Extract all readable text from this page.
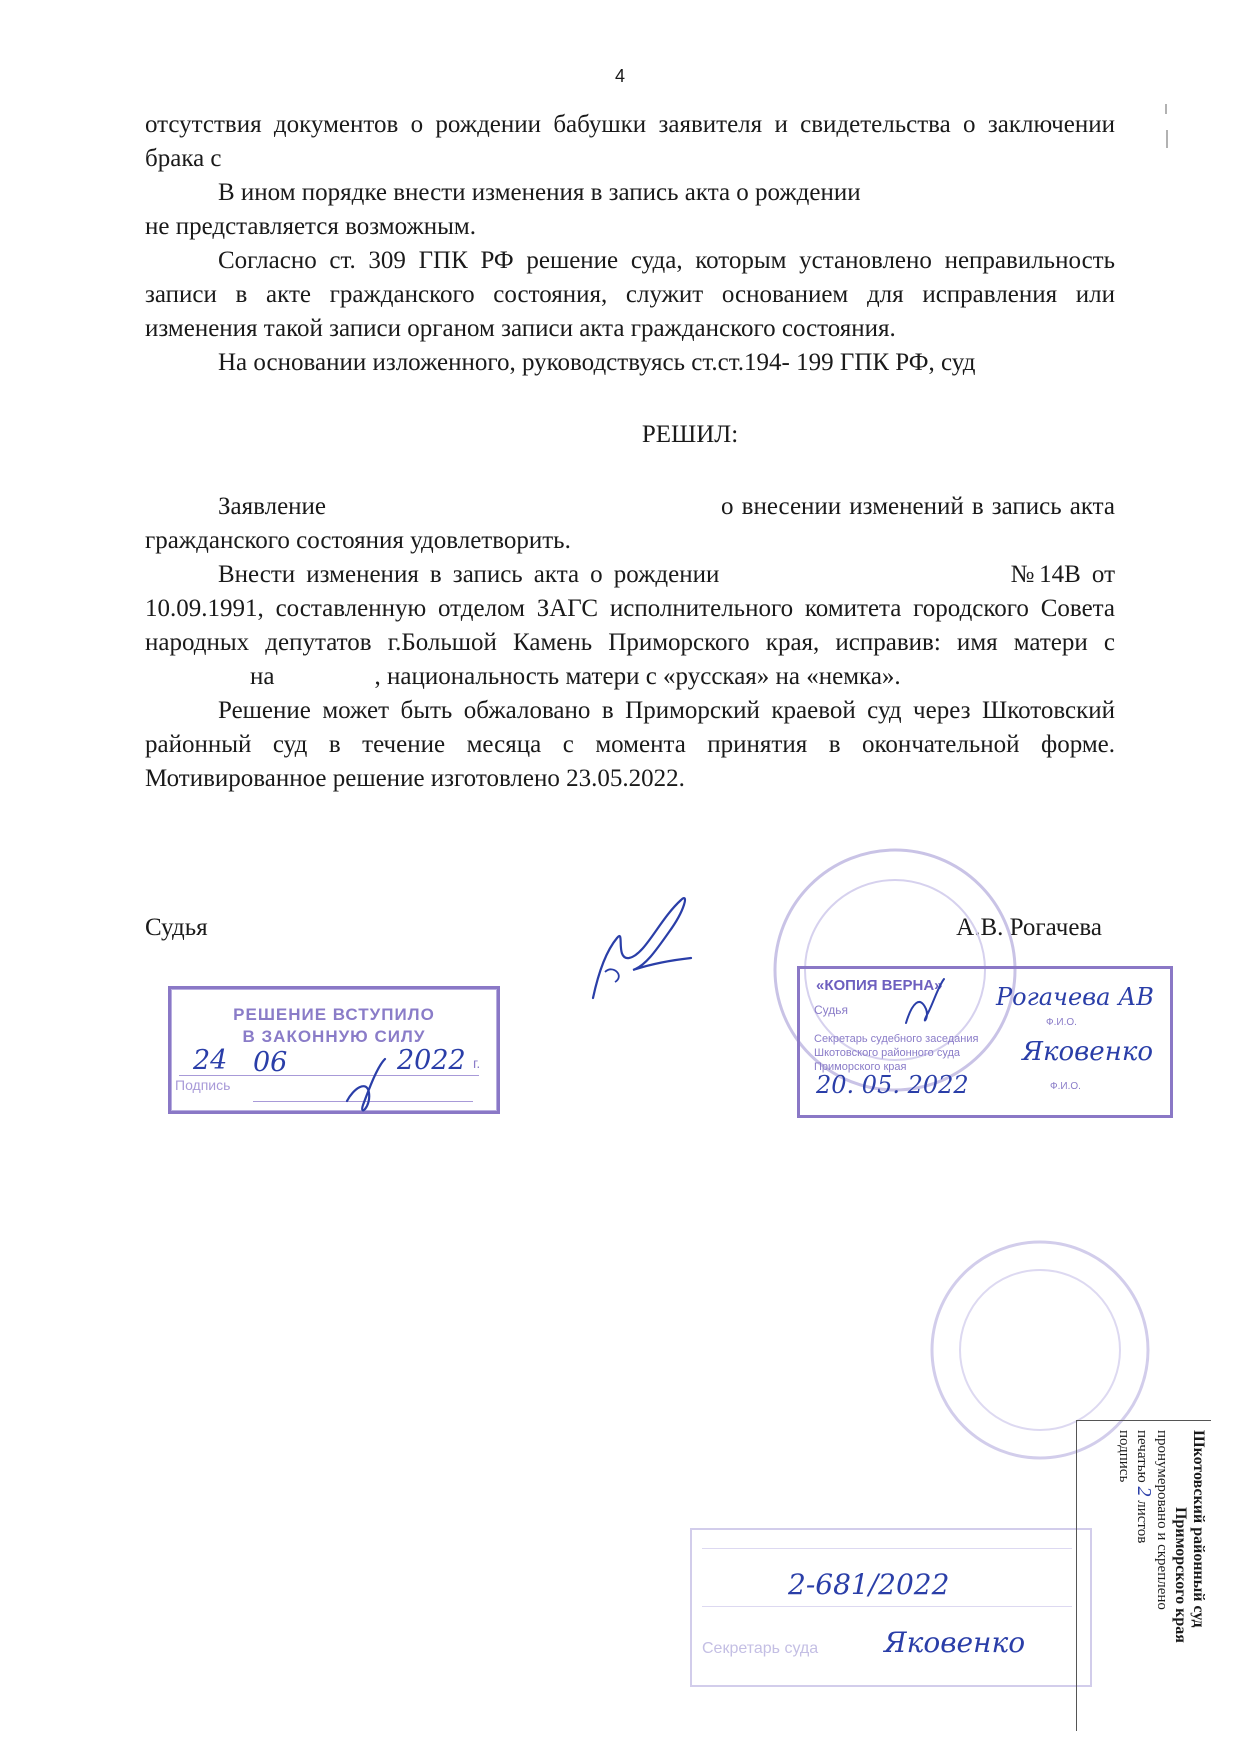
4

отсутствия документов о рождении бабушки заявителя и свидетельства о заключении брака с

В ином порядке внести изменения в запись акта о рождении
не представляется возможным.

Согласно ст. 309 ГПК РФ решение суда, которым установлено неправильность записи в акте гражданского состояния, служит основанием для исправления или изменения такой записи органом записи акта гражданского состояния.

На основании изложенного, руководствуясь ст.ст.194- 199 ГПК РФ, суд

РЕШИЛ:

Заявление	о внесении изменений в запись акта гражданского состояния удовлетворить.

Внести изменения в запись акта о рождении	№14В от 10.09.1991, составленную отделом ЗАГС исполнительного комитета городского Совета народных депутатов г.Большой Камень Приморского края, исправив: имя матери сна	, национальность матери с «русская» на «немка».

Решение может быть обжаловано в Приморский краевой суд через Шкотовский районный суд в течение месяца с момента принятия в окончательной форме. Мотивированное решение изготовлено 23.05.2022.

Судья	А.В. Рогачева
РЕШЕНИЕ ВСТУПИЛО
В ЗАКОННУЮ СИЛУ
24 06	2022 г.
Подпись
«КОПИЯ ВЕРНА»
Судья	Рогачева АВ
Ф.И.О.
Секретарь судебного заседания
Шкотовского районного суда
Приморского края	Яковенко
20. 05. 2022	Ф.И.О.
2-681/2022
Секретарь суда Яковенко
Шкотовский районный суд
Приморского края
пронумеровано и скреплено
печатью 2 листов
подпись
